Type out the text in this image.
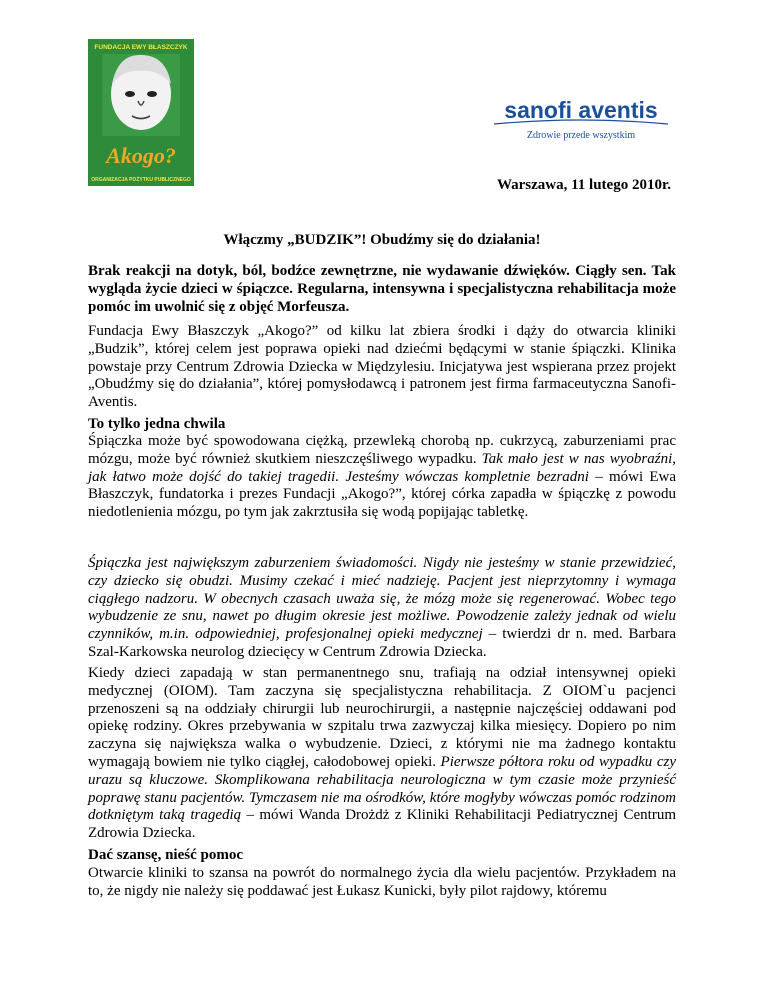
FUNDACJA EWY BŁASZCZYK
Akogo?
ORGANIZACJA POŻYTKU PUBLICZNEGO
sanofi aventis
Zdrowie przede wszystkim
Warszawa, 11 lutego 2010r.
Włączmy „BUDZIK”! Obudźmy się do działania!
Brak reakcji na dotyk, ból, bodźce zewnętrzne, nie wydawanie dźwięków. Ciągły sen. Tak wygląda życie dzieci w śpiączce. Regularna, intensywna i specjalistyczna rehabilitacja może pomóc im uwolnić się z objęć Morfeusza.
Fundacja Ewy Błaszczyk „Akogo?” od kilku lat zbiera środki i dąży do otwarcia kliniki „Budzik”, której celem jest poprawa opieki nad dziećmi będącymi w stanie śpiączki. Klinika powstaje przy Centrum Zdrowia Dziecka w Międzylesiu. Inicjatywa jest wspierana przez projekt „Obudźmy się do działania”, której pomysłodawcą i patronem jest firma farmaceutyczna Sanofi-Aventis.
To tylko jedna chwila
Śpiączka może być spowodowana ciężką, przewleką chorobą np. cukrzycą, zaburzeniami prac mózgu, może być również skutkiem nieszczęśliwego wypadku. Tak mało jest w nas wyobraźni, jak łatwo może dojść do takiej tragedii. Jesteśmy wówczas kompletnie bezradni – mówi Ewa Błaszczyk, fundatorka i prezes Fundacji „Akogo?”, której córka zapadła w śpiączkę z powodu niedotlenienia mózgu, po tym jak zakrztusiła się wodą popijając tabletkę.
Śpiączka jest największym zaburzeniem świadomości. Nigdy nie jesteśmy w stanie przewidzieć, czy dziecko się obudzi. Musimy czekać i mieć nadzieję. Pacjent jest nieprzytomny i wymaga ciągłego nadzoru. W obecnych czasach uważa się, że mózg może się regenerować. Wobec tego wybudzenie ze snu, nawet po długim okresie jest możliwe. Powodzenie zależy jednak od wielu czynników, m.in. odpowiedniej, profesjonalnej opieki medycznej – twierdzi dr n. med. Barbara Szal-Karkowska neurolog dziecięcy w Centrum Zdrowia Dziecka.
Kiedy dzieci zapadają w stan permanentnego snu, trafiają na odział intensywnej opieki medycznej (OIOM). Tam zaczyna się specjalistyczna rehabilitacja. Z OIOM`u pacjenci przenoszeni są na oddziały chirurgii lub neurochirurgii, a następnie najczęściej oddawani pod opiekę rodziny. Okres przebywania w szpitalu trwa zazwyczaj kilka miesięcy. Dopiero po nim zaczyna się największa walka o wybudzenie. Dzieci, z którymi nie ma żadnego kontaktu wymagają bowiem nie tylko ciągłej, całodobowej opieki. Pierwsze półtora roku od wypadku czy urazu są kluczowe. Skomplikowana rehabilitacja neurologiczna w tym czasie może przynieść poprawę stanu pacjentów. Tymczasem nie ma ośrodków, które mogłyby wówczas pomóc rodzinom dotkniętym taką tragedią – mówi Wanda Drożdż z Kliniki Rehabilitacji Pediatrycznej Centrum Zdrowia Dziecka.
Dać szansę, nieść pomoc
Otwarcie kliniki to szansa na powrót do normalnego życia dla wielu pacjentów. Przykładem na to, że nigdy nie należy się poddawać jest Łukasz Kunicki, były pilot rajdowy, któremu
